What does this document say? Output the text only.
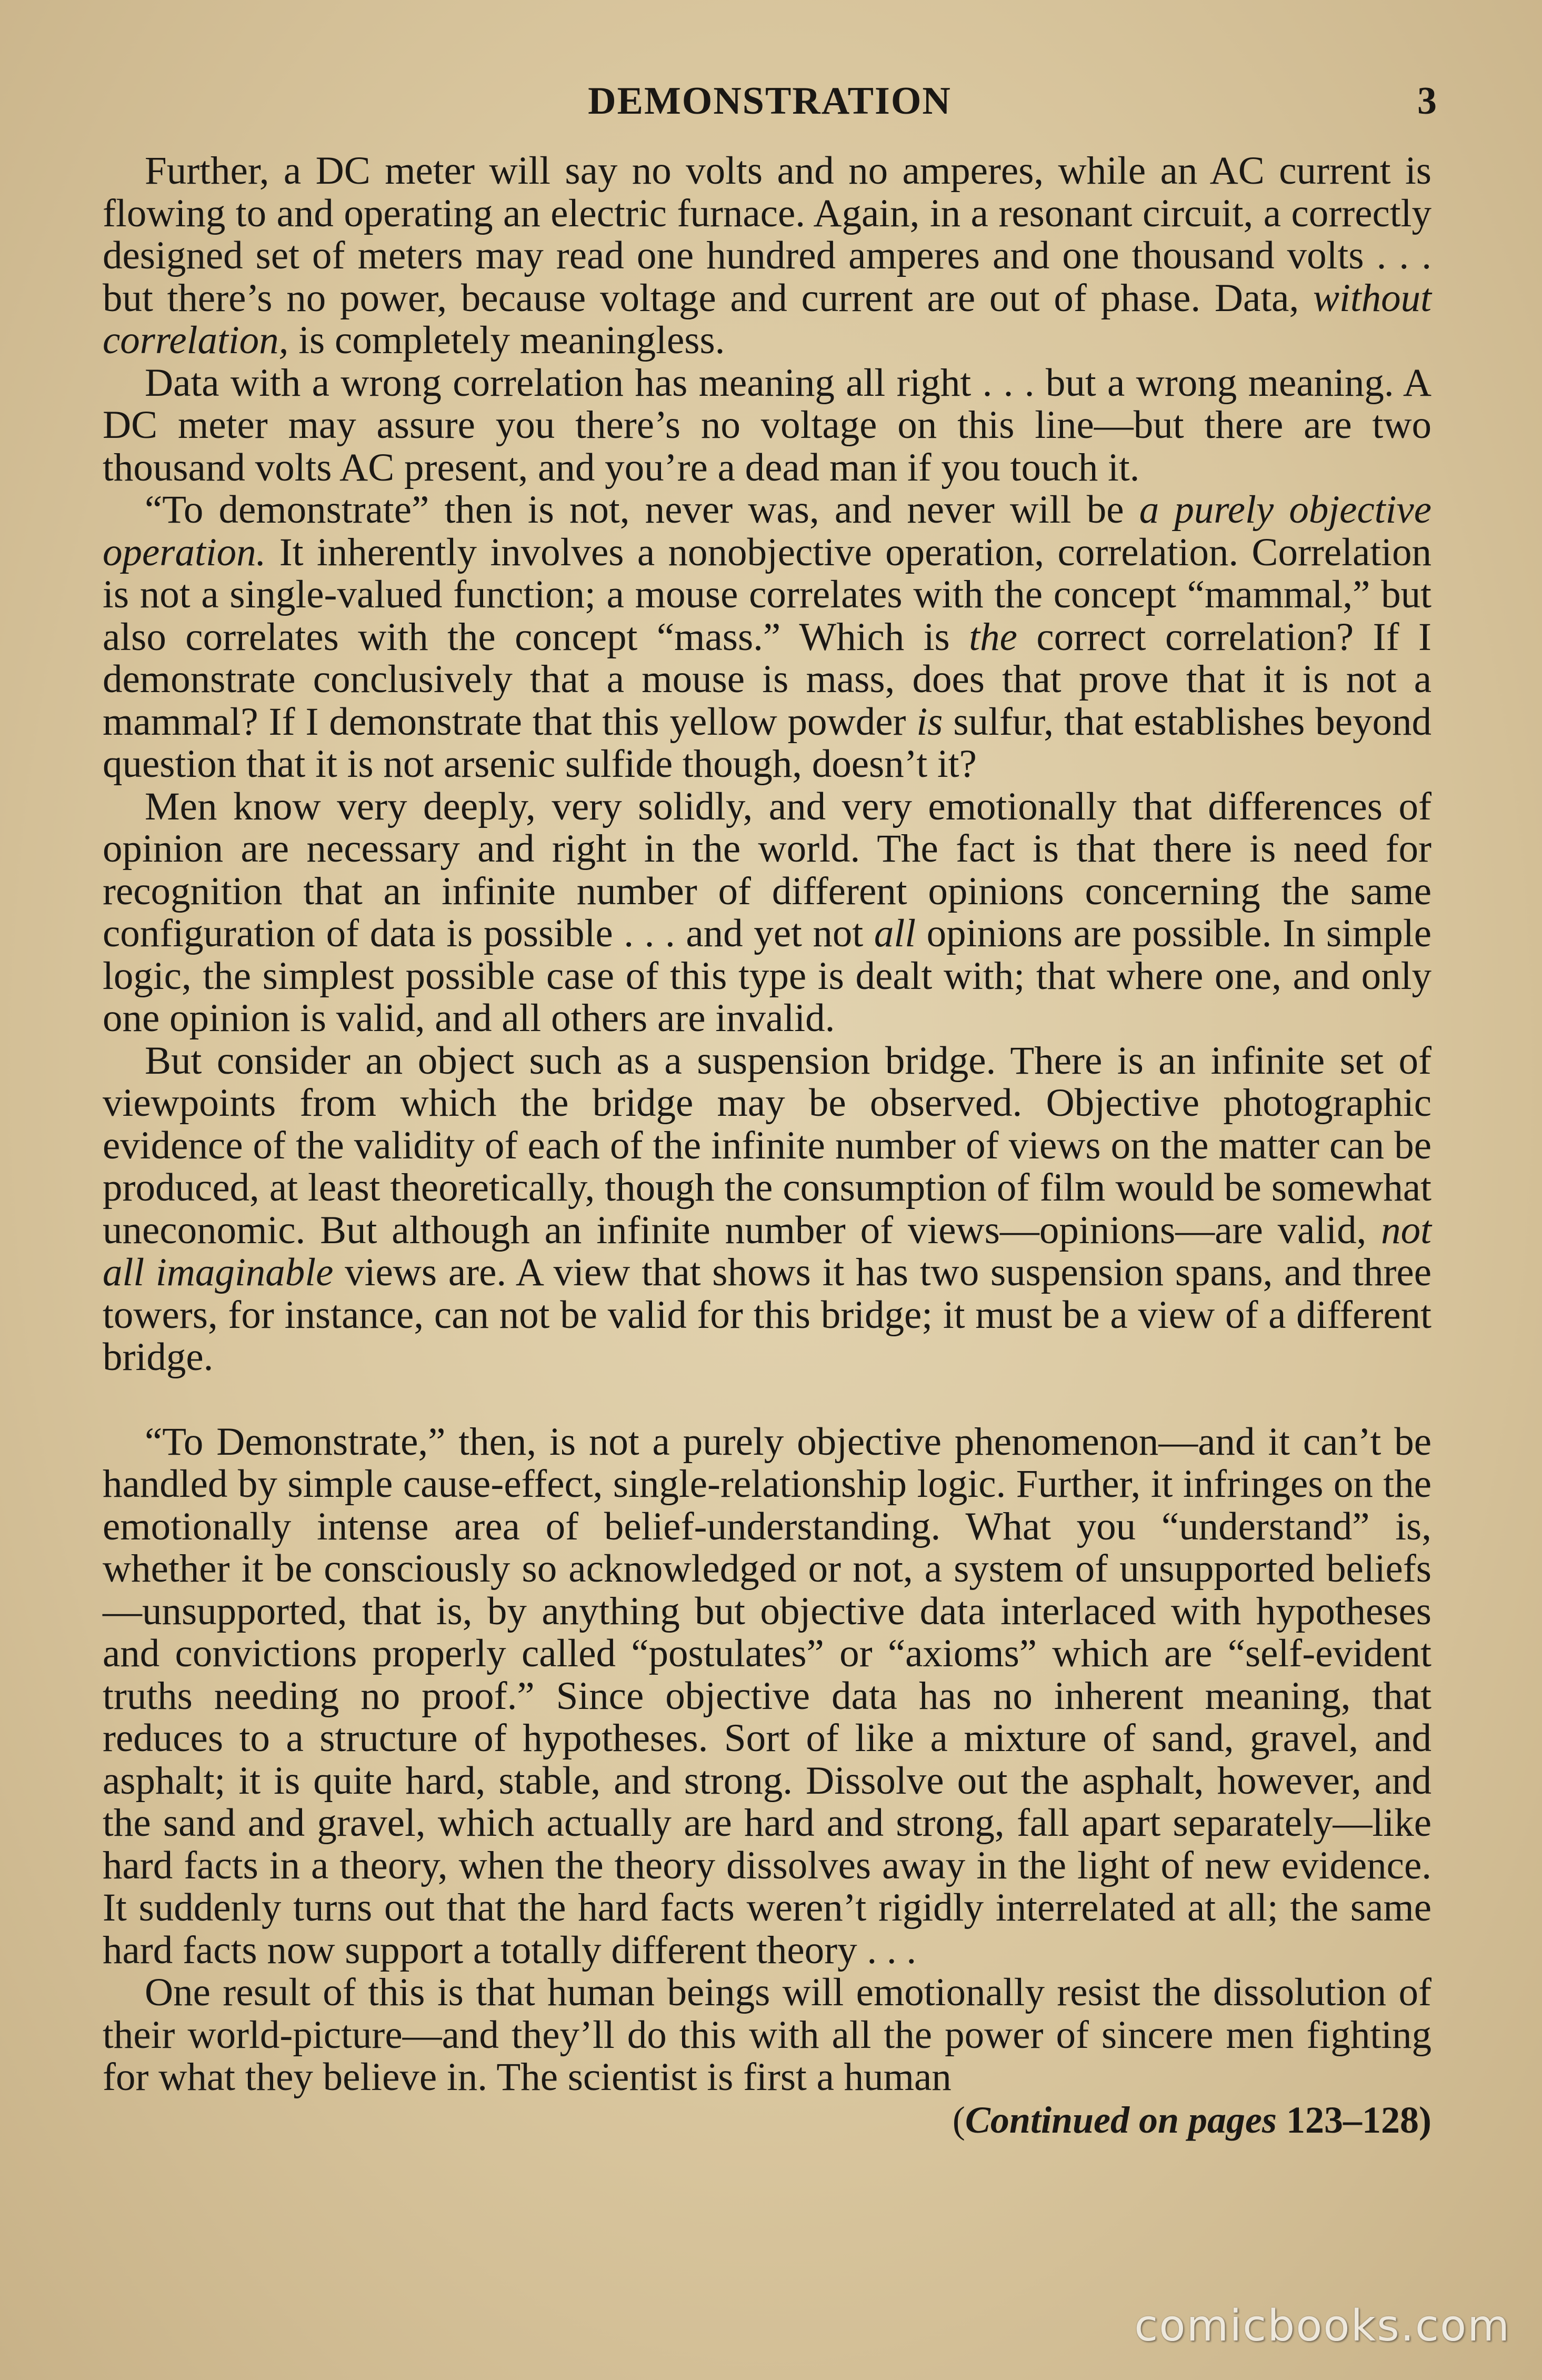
DEMONSTRATION	3

Further, a DC meter will say no volts and no amperes, while an AC current is flowing to and operating an electric furnace. Again, in a resonant circuit, a correctly designed set of meters may read one hundred amperes and one thousand volts . . . but there’s no power, because voltage and current are out of phase. Data, without correlation, is completely meaningless.

Data with a wrong correlation has meaning all right . . . but a wrong meaning. A DC meter may assure you there’s no voltage on this line—but there are two thousand volts AC present, and you’re a dead man if you touch it.

“To demonstrate” then is not, never was, and never will be a purely objective operation. It inherently involves a nonobjective operation, correlation. Correlation is not a single-valued function; a mouse correlates with the concept “mammal,” but also correlates with the concept “mass.” Which is the correct correlation? If I demonstrate conclusively that a mouse is mass, does that prove that it is not a mammal? If I demonstrate that this yellow powder is sulfur, that establishes beyond question that it is not arsenic sulfide though, doesn’t it?

Men know very deeply, very solidly, and very emotionally that differences of opinion are necessary and right in the world. The fact is that there is need for recognition that an infinite number of different opinions concerning the same configuration of data is possible . . . and yet not all opinions are possible. In simple logic, the simplest possible case of this type is dealt with; that where one, and only one opinion is valid, and all others are invalid.

But consider an object such as a suspension bridge. There is an infinite set of viewpoints from which the bridge may be observed. Objective photographic evidence of the validity of each of the infinite number of views on the matter can be produced, at least theoretically, though the consumption of film would be somewhat uneconomic. But although an infinite number of views—opinions—are valid, not all imaginable views are. A view that shows it has two suspension spans, and three towers, for instance, can not be valid for this bridge; it must be a view of a different bridge.

“To Demonstrate,” then, is not a purely objective phenomenon—and it can’t be handled by simple cause-effect, single-relationship logic. Further, it infringes on the emotionally intense area of belief-understanding. What you “understand” is, whether it be consciously so acknowledged or not, a system of unsupported beliefs—unsupported, that is, by anything but objective data interlaced with hypotheses and convictions properly called “postulates” or “axioms” which are “self-evident truths needing no proof.” Since objective data has no inherent meaning, that reduces to a structure of hypotheses. Sort of like a mixture of sand, gravel, and asphalt; it is quite hard, stable, and strong. Dissolve out the asphalt, however, and the sand and gravel, which actually are hard and strong, fall apart separately—like hard facts in a theory, when the theory dissolves away in the light of new evidence. It suddenly turns out that the hard facts weren’t rigidly interrelated at all; the same hard facts now support a totally different theory . . .

One result of this is that human beings will emotionally resist the dissolution of their world-picture—and they’ll do this with all the power of sincere men fighting for what they believe in. The scientist is first a human

(Continued on pages 123–128)
comicbooks.com
